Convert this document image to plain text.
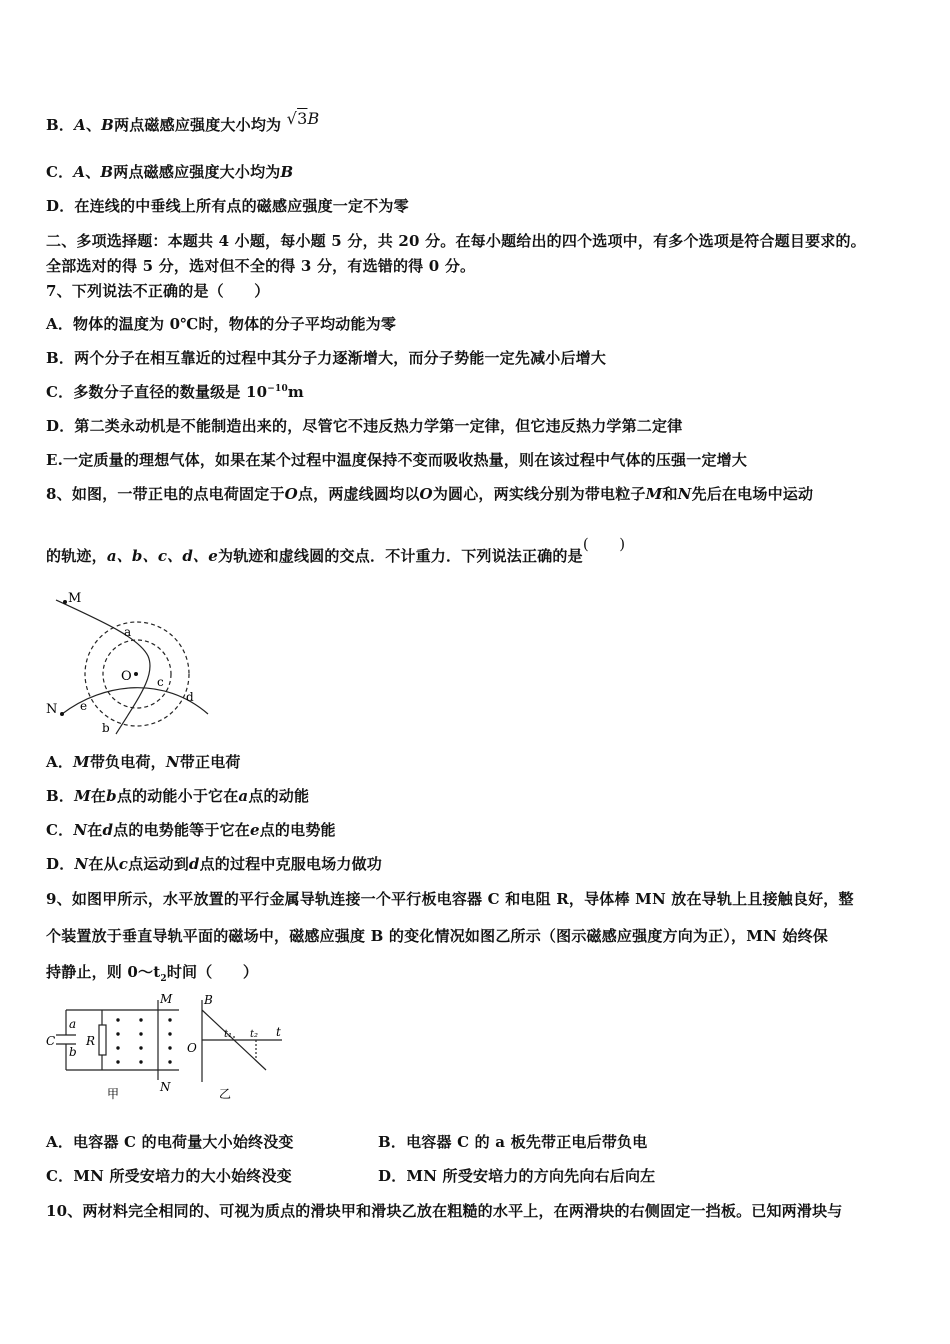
B．A、B两点磁感应强度大小均为 √3B
C．A、B两点磁感应强度大小均为B
D．在连线的中垂线上所有点的磁感应强度一定不为零
二、多项选择题：本题共 4 小题，每小题 5 分，共 20 分。在每小题给出的四个选项中，有多个选项是符合题目要求的。
全部选对的得 5 分，选对但不全的得 3 分，有选错的得 0 分。
7、下列说法不正确的是（　　）
A．物体的温度为 0℃时，物体的分子平均动能为零
B．两个分子在相互靠近的过程中其分子力逐渐增大，而分子势能一定先减小后增大
C．多数分子直径的数量级是 $10^{-10}m$
D．第二类永动机是不能制造出来的，尽管它不违反热力学第一定律，但它违反热力学第二定律
E.一定质量的理想气体，如果在某个过程中温度保持不变而吸收热量，则在该过程中气体的压强一定增大
8、如图，一带正电的点电荷固定于O点，两虚线圆均以O为圆心，两实线分别为带电粒子M和N先后在电场中运动
的轨迹，a、b、c、d、e为轨迹和虚线圆的交点．不计重力．下列说法正确的是(　　)
M
a
O c
d
N e
b
A．M带负电荷，N带正电荷
B．M在b点的动能小于它在a点的动能
C．N在d点的电势能等于它在e点的电势能
D．N在从c点运动到d点的过程中克服电场力做功
9、如图甲所示，水平放置的平行金属导轨连接一个平行板电容器 C 和电阻 R，导体棒 MN 放在导轨上且接触良好，整
个装置放于垂直导轨平面的磁场中，磁感应强度 B 的变化情况如图乙所示（图示磁感应强度方向为正），MN 始终保
持静止，则 $0\sim t_2$时间（　　）
a
C
b
R
M
N
甲
B
O
t₁ t₂ t
乙
A．电容器 C 的电荷量大小始终没变	B．电容器 C 的 a 板先带正电后带负电
C．MN 所受安培力的大小始终没变	D．MN 所受安培力的方向先向右后向左
10、两材料完全相同的、可视为质点的滑块甲和滑块乙放在粗糙的水平上，在两滑块的右侧固定一挡板。已知两滑块与
